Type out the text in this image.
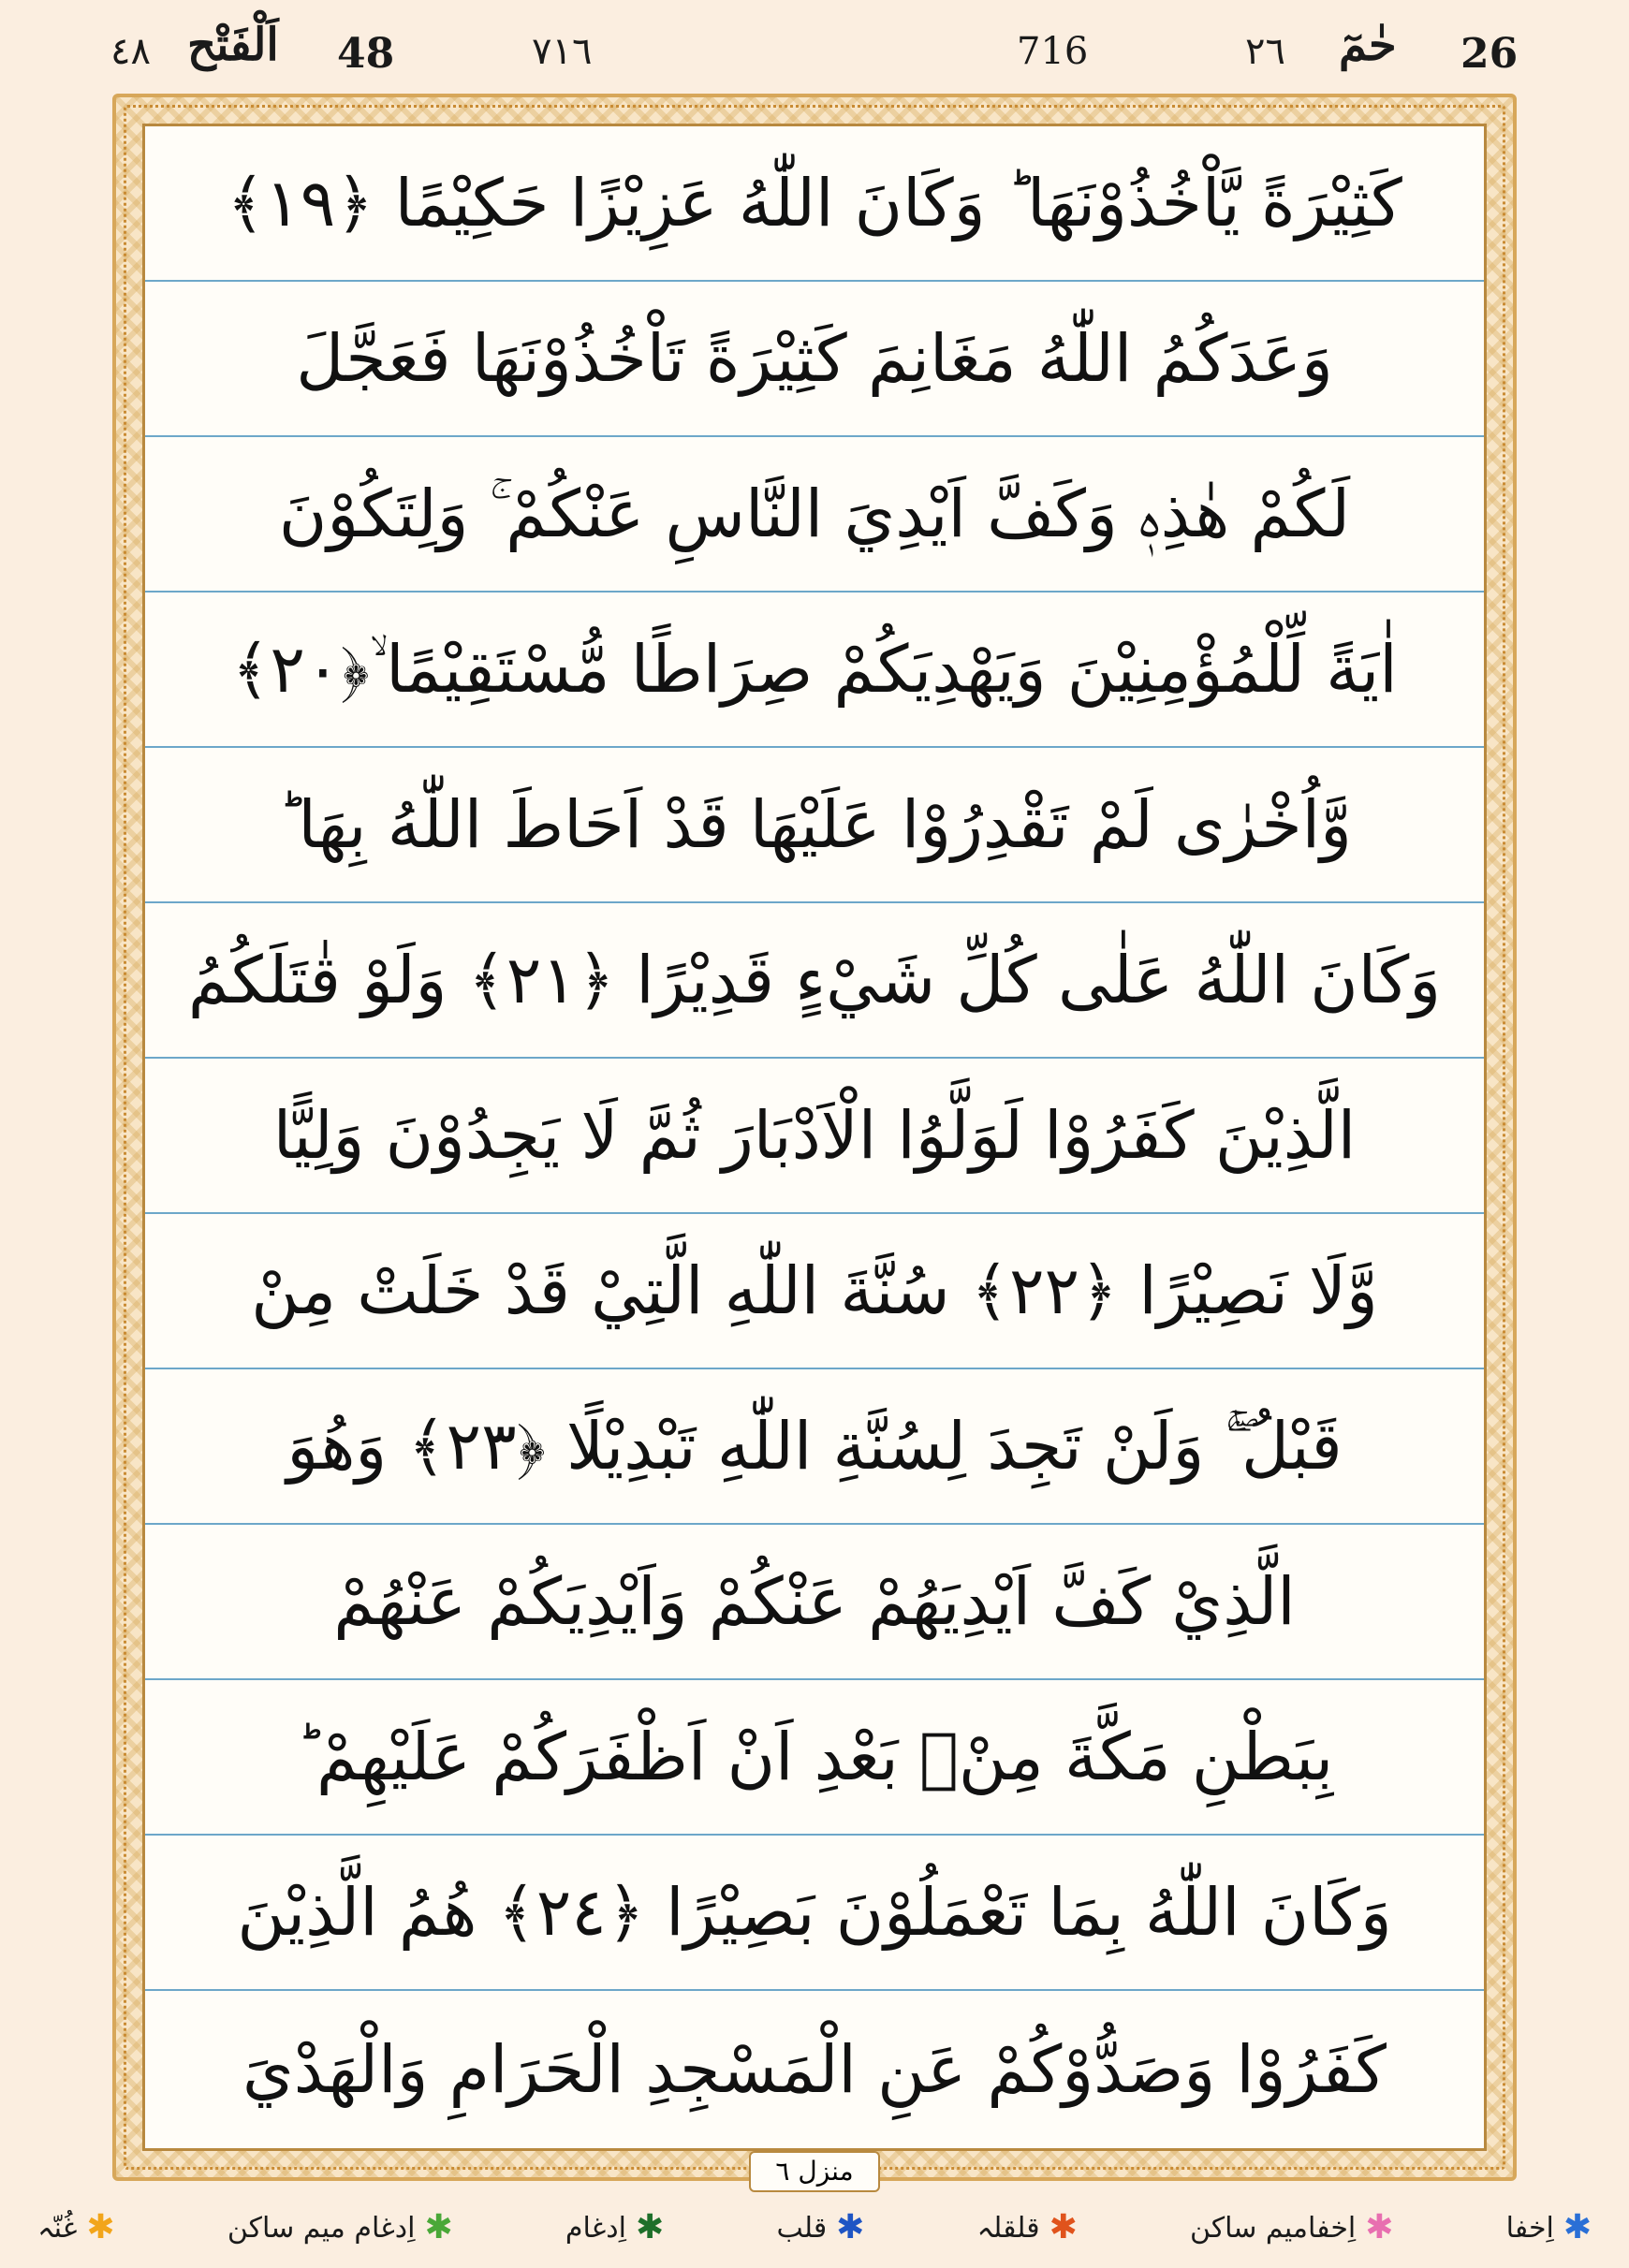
٤٨ اَلْفَتْح 48	٧١٦	716	٢٦ حٰمٓ 26
كَثِيْرَةً يَّاْخُذُوْنَهَا ؕ وَكَانَ اللّٰهُ عَزِيْزًا حَكِيْمًا ﴿١٩﴾
وَعَدَكُمُ اللّٰهُ مَغَانِمَ كَثِيْرَةً تَاْخُذُوْنَهَا فَعَجَّلَ
لَكُمْ هٰذِهٖ وَكَفَّ اَيْدِيَ النَّاسِ عَنْكُمْ ۚ وَلِتَكُوْنَ
اٰيَةً لِّلْمُؤْمِنِيْنَ وَيَهْدِيَكُمْ صِرَاطًا مُّسْتَقِيْمًا ۙ﴿٢٠﴾
وَّاُخْرٰى لَمْ تَقْدِرُوْا عَلَيْهَا قَدْ اَحَاطَ اللّٰهُ بِهَا ؕ
وَكَانَ اللّٰهُ عَلٰى كُلِّ شَيْءٍ قَدِيْرًا ﴿٢١﴾ وَلَوْ قٰتَلَكُمُ
الَّذِيْنَ كَفَرُوْا لَوَلَّوُا الْاَدْبَارَ ثُمَّ لَا يَجِدُوْنَ وَلِيًّا
وَّلَا نَصِيْرًا ﴿٢٢﴾ سُنَّةَ اللّٰهِ الَّتِيْ قَدْ خَلَتْ مِنْ
قَبْلُ ۖۚ وَلَنْ تَجِدَ لِسُنَّةِ اللّٰهِ تَبْدِيْلًا ﴿٢٣﴾ وَهُوَ
الَّذِيْ كَفَّ اَيْدِيَهُمْ عَنْكُمْ وَاَيْدِيَكُمْ عَنْهُمْ
بِبَطْنِ مَكَّةَ مِنْۢ بَعْدِ اَنْ اَظْفَرَكُمْ عَلَيْهِمْ ؕ
وَكَانَ اللّٰهُ بِمَا تَعْمَلُوْنَ بَصِيْرًا ﴿٢٤﴾ هُمُ الَّذِيْنَ
كَفَرُوْا وَصَدُّوْكُمْ عَنِ الْمَسْجِدِ الْحَرَامِ وَالْهَدْيَ
منزل ٦
✱
اِخفا
✱
اِخفامیم ساکن
✱
قلقلہ
✱
قلب
✱
اِدغام
✱
اِدغام میم ساکن
✱
غُنّہ
